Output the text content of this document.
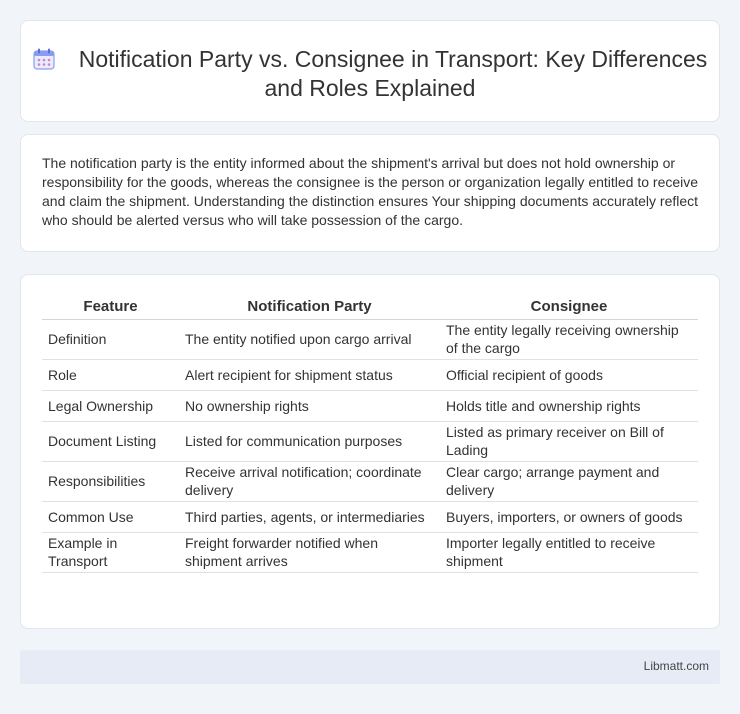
Notification Party vs. Consignee in Transport: Key Differences and Roles Explained

The notification party is the entity informed about the shipment's arrival but does not hold ownership or responsibility for the goods, whereas the consignee is the person or organization legally entitled to receive and claim the shipment. Understanding the distinction ensures Your shipping documents accurately reflect who should be alerted versus who will take possession of the cargo.

Feature	Notification Party	Consignee
Definition	The entity notified upon cargo arrival	The entity legally receiving ownership of the cargo
Role	Alert recipient for shipment status	Official recipient of goods
Legal Ownership	No ownership rights	Holds title and ownership rights
Document Listing	Listed for communication purposes	Listed as primary receiver on Bill of Lading
Responsibilities	Receive arrival notification; coordinate delivery	Clear cargo; arrange payment and delivery
Common Use	Third parties, agents, or intermediaries	Buyers, importers, or owners of goods
Example in Transport	Freight forwarder notified when shipment arrives	Importer legally entitled to receive shipment
Libmatt.com
